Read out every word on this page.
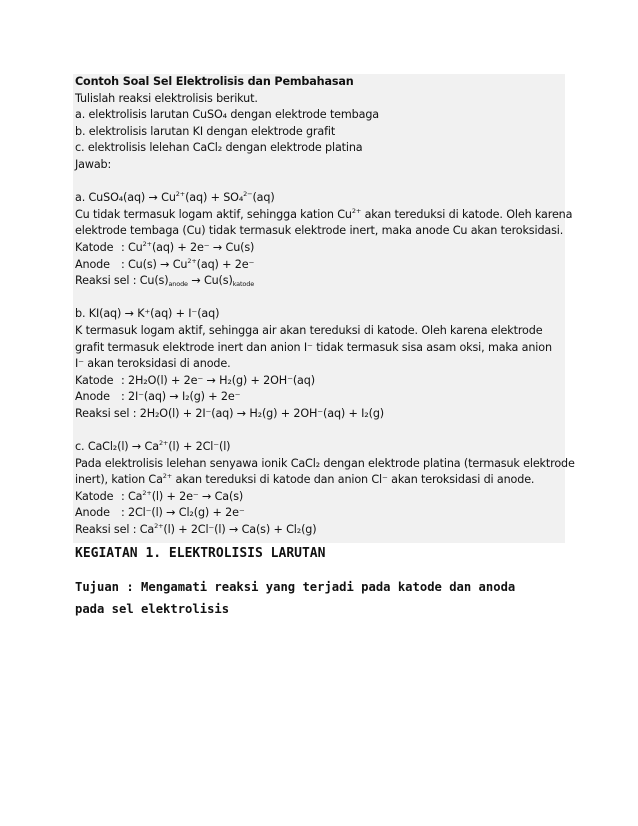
Contoh Soal Sel Elektrolisis dan Pembahasan
Tulislah reaksi elektrolisis berikut.
a. elektrolisis larutan CuSO₄ dengan elektrode tembaga
b. elektrolisis larutan KI dengan elektrode grafit
c. elektrolisis lelehan CaCl₂ dengan elektrode platina
Jawab:
a. CuSO₄(aq) → $Cu^{2+}(aq) + SO_4^{2-}(aq)$
Cu tidak termasuk logam aktif, sehingga kation $Cu^{2+}$ akan tereduksi di katode. Oleh karena
elektrode tembaga (Cu) tidak termasuk elektrode inert, maka anode Cu akan teroksidasi.
Katode : $Cu^{2+}(aq) + 2e^- \to Cu(s)$
Anode : $Cu(s) \to Cu^{2+}(aq) + 2e^-$
Reaksi sel : $Cu(s)_{anode} \to Cu(s)_{katode}$
b. KI(aq) → K⁺(aq) + I⁻(aq)
K termasuk logam aktif, sehingga air akan tereduksi di katode. Oleh karena elektrode
grafit termasuk elektrode inert dan anion I⁻ tidak termasuk sisa asam oksi, maka anion
I⁻ akan teroksidasi di anode.
Katode : 2H₂O(l) + 2e⁻ → H₂(g) + 2OH⁻(aq)
Anode : 2I⁻(aq) → I₂(g) + 2e⁻
Reaksi sel : 2H₂O(l) + 2I⁻(aq) → H₂(g) + 2OH⁻(aq) + I₂(g)
c. CaCl₂(l) → $Ca^{2+}(l) + 2Cl^-(l)$
Pada elektrolisis lelehan senyawa ionik CaCl₂ dengan elektrode platina (termasuk elektrode
inert), kation $Ca^{2+}$ akan tereduksi di katode dan anion Cl⁻ akan teroksidasi di anode.
Katode : $Ca^{2+}(l) + 2e^- \to Ca(s)$
Anode : 2Cl⁻(l) → Cl₂(g) + 2e⁻
Reaksi sel : $Ca^{2+}(l) + 2Cl^-(l) \to Ca(s) + Cl_2(g)$
KEGIATAN 1. ELEKTROLISIS LARUTAN
Tujuan : Mengamati reaksi yang terjadi pada katode dan anoda pada sel elektrolisis
